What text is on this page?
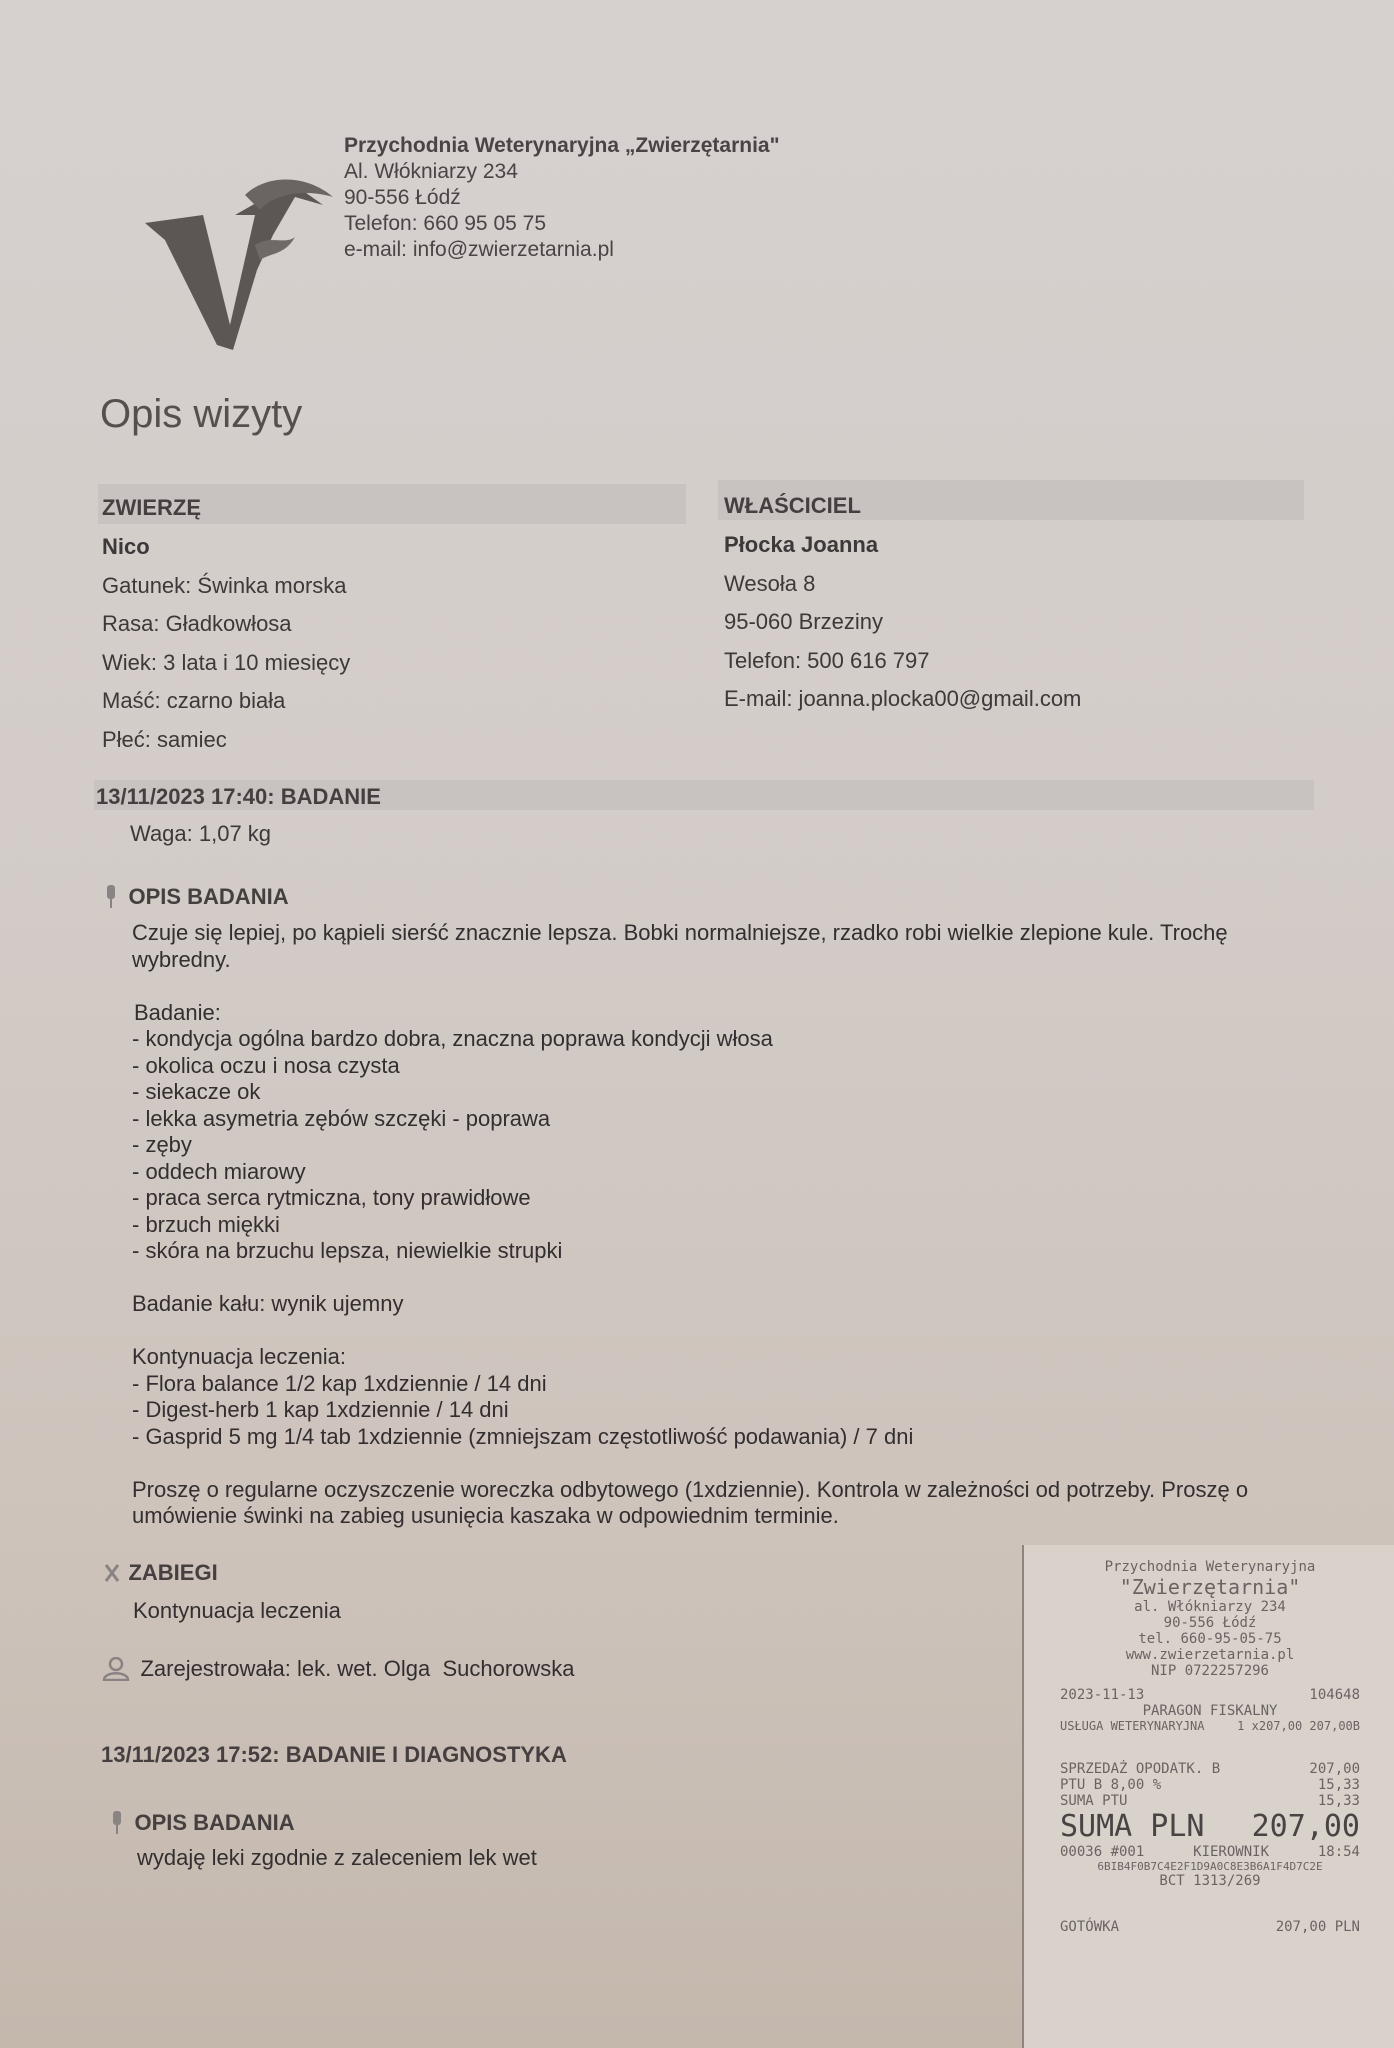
Przychodnia Weterynaryjna „Zwierzętarnia"
Al. Włókniarzy 234
90-556 Łódź
Telefon: 660 95 05 75
e-mail: info@zwierzetarnia.pl
Opis wizyty
ZWIERZĘ
Nico
Gatunek: Świnka morska
Rasa: Gładkowłosa
Wiek: 3 lata i 10 miesięcy
Maść: czarno biała
Płeć: samiec
WŁAŚCICIEL
Płocka Joanna
Wesoła 8
95-060 Brzeziny
Telefon: 500 616 797
E-mail: joanna.plocka00@gmail.com
13/11/2023 17:40: BADANIE
Waga: 1,07 kg
OPIS BADANIA
Czuje się lepiej, po kąpieli sierść znacznie lepsza. Bobki normalniejsze, rzadko robi wielkie zlepione kule. Trochę
wybredny.
Badanie:
- kondycja ogólna bardzo dobra, znaczna poprawa kondycji włosa
- okolica oczu i nosa czysta
- siekacze ok
- lekka asymetria zębów szczęki - poprawa
- zęby
- oddech miarowy
- praca serca rytmiczna, tony prawidłowe
- brzuch miękki
- skóra na brzuchu lepsza, niewielkie strupki
Badanie kału: wynik ujemny
Kontynuacja leczenia:
- Flora balance 1/2 kap 1xdziennie / 14 dni
- Digest-herb 1 kap 1xdziennie / 14 dni
- Gasprid 5 mg 1/4 tab 1xdziennie (zmniejszam częstotliwość podawania) / 7 dni
Proszę o regularne oczyszczenie woreczka odbytowego (1xdziennie). Kontrola w zależności od potrzeby. Proszę o
umówienie świnki na zabieg usunięcia kaszaka w odpowiednim terminie.
ZABIEGI
Kontynuacja leczenia
Zarejestrowała: lek. wet. Olga  Suchorowska
13/11/2023 17:52: BADANIE I DIAGNOSTYKA
OPIS BADANIA
wydaję leki zgodnie z zaleceniem lek wet
Przychodnia Weterynaryjna
"Zwierzętarnia"
al. Włókniarzy 234
90-556 Łódź
tel. 660-95-05-75
www.zwierzetarnia.pl
NIP 0722257296
2023-11-13	104648
PARAGON FISKALNY
USŁUGA WETERYNARYJNA	1 x207,00 207,00B
SPRZEDAŻ OPODATK. B	207,00
PTU B 8,00 %	15,33
SUMA PTU	15,33
SUMA PLN 207,00
00036 #001	KIEROWNIK	18:54
6BIB4F0B7C4E2F1D9A0C8E3B6A1F4D7C2E
BCT 1313/269
GOTÓWKA	207,00 PLN
